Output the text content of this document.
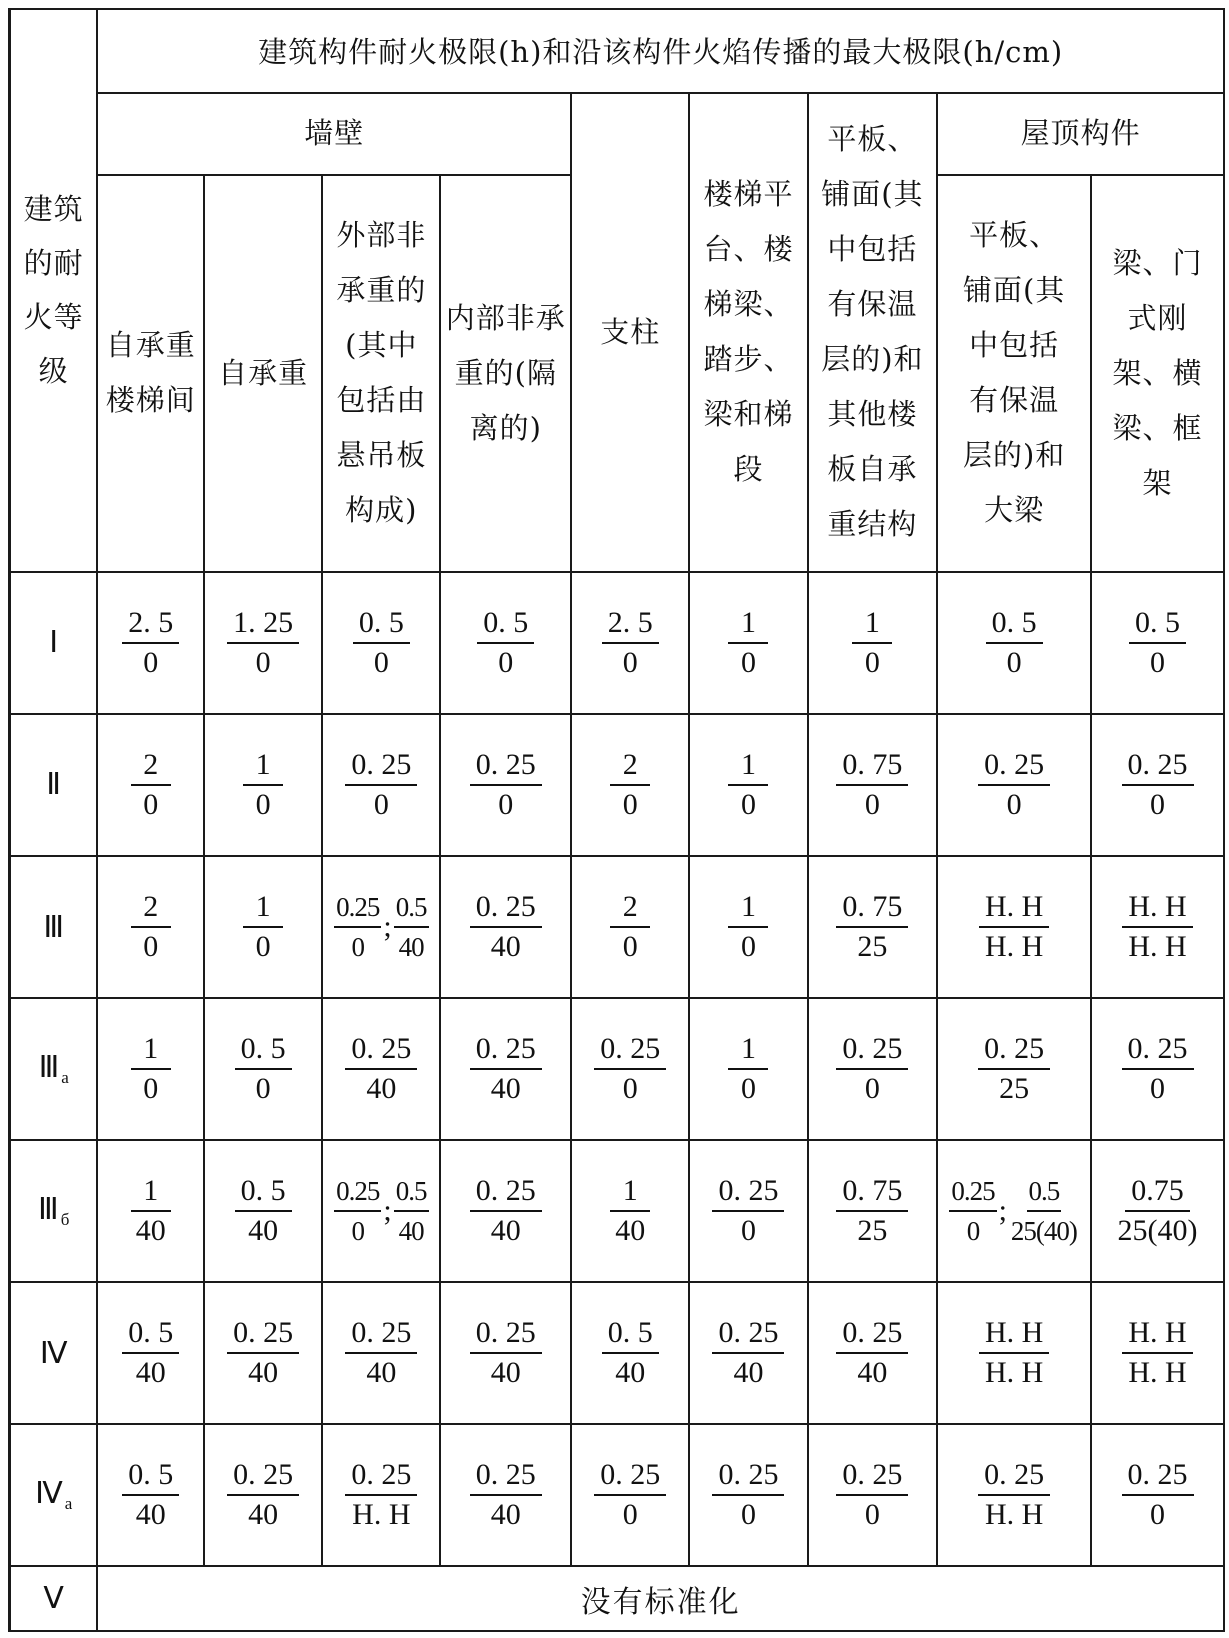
建筑的耐火等级	建筑构件耐火极限(h)和沿该构件火焰传播的最大极限(h/cm)								
	墙壁				支柱	楼梯平台、楼梯梁、踏步、梁和梯段	平板、铺面(其中包括有保温层的)和其他楼板自承重结构	屋顶构件	

	自承重楼梯间	自承重	外部非承重的(其中包括由悬吊板构成)	内部非承重的(隔离的)				平板、铺面(其中包括有保温层的)和大梁	梁、门式刚架、横梁、框架

Ⅰ	$\frac{2. 5}{0}$	$\frac{1. 25}{0}$	$\frac{0. 5}{0}$	$\frac{0. 5}{0}$	$\frac{2. 5}{0}$	$\frac{1}{0}$	$\frac{1}{0}$	$\frac{0. 5}{0}$	$\frac{0. 5}{0}$

Ⅱ	$\frac{2}{0}$	$\frac{1}{0}$	$\frac{0. 25}{0}$	$\frac{0. 25}{0}$	$\frac{2}{0}$	$\frac{1}{0}$	$\frac{0. 75}{0}$	$\frac{0. 25}{0}$	$\frac{0. 25}{0}$

Ⅲ	$\frac{2}{0}$	$\frac{1}{0}$	$\frac{0.25}{0}$ ; $\frac{0.5}{40}$	$\frac{0. 25}{40}$	$\frac{2}{0}$	$\frac{1}{0}$	$\frac{0. 75}{25}$	$\frac{H. H}{H. H}$	$\frac{H. H}{H. H}$

Ⅲ $_a$	$\frac{1}{0}$	$\frac{0. 5}{0}$	$\frac{0. 25}{40}$	$\frac{0. 25}{40}$	$\frac{0. 25}{0}$	$\frac{1}{0}$	$\frac{0. 25}{0}$	$\frac{0. 25}{25}$	$\frac{0. 25}{0}$

Ⅲ $_б$	$\frac{1}{40}$	$\frac{0. 5}{40}$	$\frac{0.25}{0}$ ; $\frac{0.5}{40}$	$\frac{0. 25}{40}$	$\frac{1}{40}$	$\frac{0. 25}{0}$	$\frac{0. 75}{25}$	$\frac{0.25}{0}$ ; $\frac{0.5}{25(40)}$	$\frac{0.75}{25(40)}$

Ⅳ	$\frac{0. 5}{40}$	$\frac{0. 25}{40}$	$\frac{0. 25}{40}$	$\frac{0. 25}{40}$	$\frac{0. 5}{40}$	$\frac{0. 25}{40}$	$\frac{0. 25}{40}$	$\frac{H. H}{H. H}$	$\frac{H. H}{H. H}$

Ⅳ $_a$	$\frac{0. 5}{40}$	$\frac{0. 25}{40}$	$\frac{0. 25}{H. H}$	$\frac{0. 25}{40}$	$\frac{0. 25}{0}$	$\frac{0. 25}{0}$	$\frac{0. 25}{0}$	$\frac{0. 25}{H. H}$	$\frac{0. 25}{0}$

Ⅴ	没有标准化								
